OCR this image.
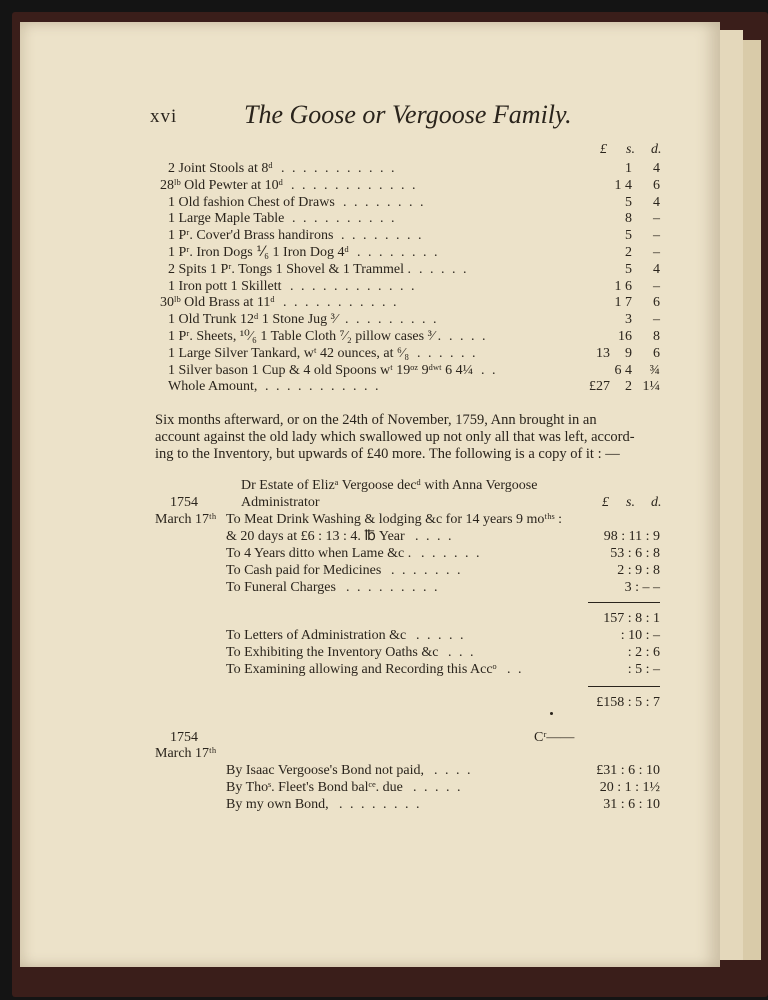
xvi	The Goose or Vergoose Family.
£ s. d.
2 Joint Stools at 8ᵈ . . . . . . . . . . .	1	4
28ˡᵇ Old Pewter at 10ᵈ . . . . . . . . . . . .	1 4	6
1 Old fashion Chest of Draws . . . . . . . .	5	4
1 Large Maple Table . . . . . . . . . .	8	–
1 Pʳ. Cover'd Brass handirons . . . . . . . .	5	–
1 Pʳ. Iron Dogs ⅟₆ 1 Iron Dog 4ᵈ . . . . . . . .	2	–
2 Spits 1 Pʳ. Tongs 1 Shovel & 1 Trammel . . . . . .	5	4
1 Iron pott 1 Skillett . . . . . . . . . . . .	1 6	–
30ˡᵇ Old Brass at 11ᵈ . . . . . . . . . . .	1 7	6
1 Old Trunk 12ᵈ 1 Stone Jug ³⁄ . . . . . . . . .	3	–
1 Pʳ. Sheets, ¹⁰⁄₆ 1 Table Cloth ⁷⁄₂ pillow cases ³⁄ . . . . .	16	8
1 Large Silver Tankard, wᵗ 42 ounces, at ⁶⁄₈ . . . . . .	13	9	6
1 Silver bason 1 Cup & 4 old Spoons wᵗ 19ᵒᶻ 9ᵈʷᵗ 6 4¼ . .	6 4	¾
Whole Amount, . . . . . . . . . . .	£27	2 1¼
Six months afterward, or on the 24th of November, 1759, Ann brought in an
account against the old lady which swallowed up not only all that was left, accord-
ing to the Inventory, but upwards of £40 more. The following is a copy of it : —
Dr Estate of Elizᵃ Vergoose decᵈ with Anna Vergoose
1754	Administrator	£ s. d.
March 17ᵗʰ To Meat Drink Washing & lodging &c for 14 years 9 moᵗʰˢ :
& 20 days at £6 : 13 : 4. ℔ Year . . . .	98 : 11 : 9
To 4 Years ditto when Lame &c . . . . . . .	53 : 6 : 8
To Cash paid for Medicines . . . . . . .	2 : 9 : 8
To Funeral Charges . . . . . . . . .	3 : – –
157 : 8 : 1
To Letters of Administration &c . . . . .	: 10 : –
To Exhibiting the Inventory Oaths &c . . .	: 2 : 6
To Examining allowing and Recording this Accᵒ . .	: 5 : –
£158 : 5 : 7
1754	Cʳ——
March 17ᵗʰ
By Isaac Vergoose's Bond not paid, . . . .	£31 : 6 : 10
By Thoˢ. Fleet's Bond balᶜᵉ. due . . . . .	20 : 1 : 1½
By my own Bond, . . . . . . . .	31 : 6 : 10
